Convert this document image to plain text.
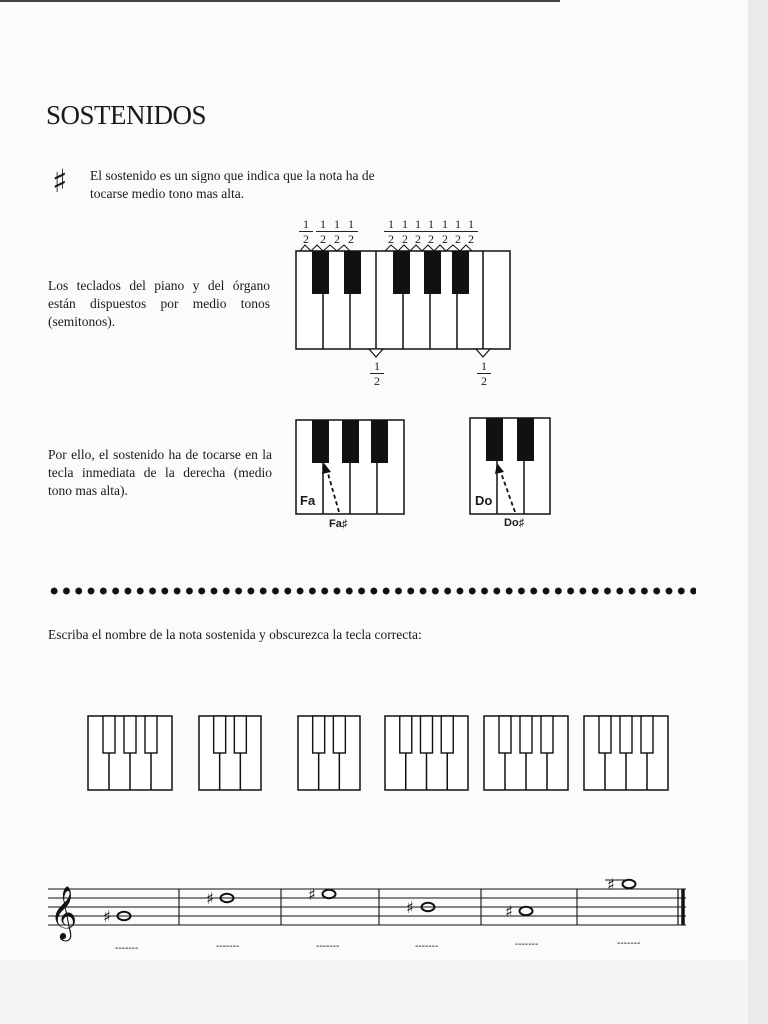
SOSTENIDOS
♯ El sostenido es un signo que indica que la nota ha de tocarse medio tono mas alta.
Los teclados del piano y del órgano están dispuestos por medio tonos (semitonos).
1
2
1
2
1
2
1
2
1
2
1
2
1
2
1
2
1
2
1
2
1
2
1
2
1
2
Por ello, el sostenido ha de tocarse en la tecla inmediata de la derecha (medio tono mas alta).
Escriba el nombre de la nota sostenida y obscurezca la tecla correcta:
𝄞 ♯
♯	♯
♯	♯
♯
-------	-------	-------	-------	-------	-------
Fa
Fa♯
Do
Do♯
